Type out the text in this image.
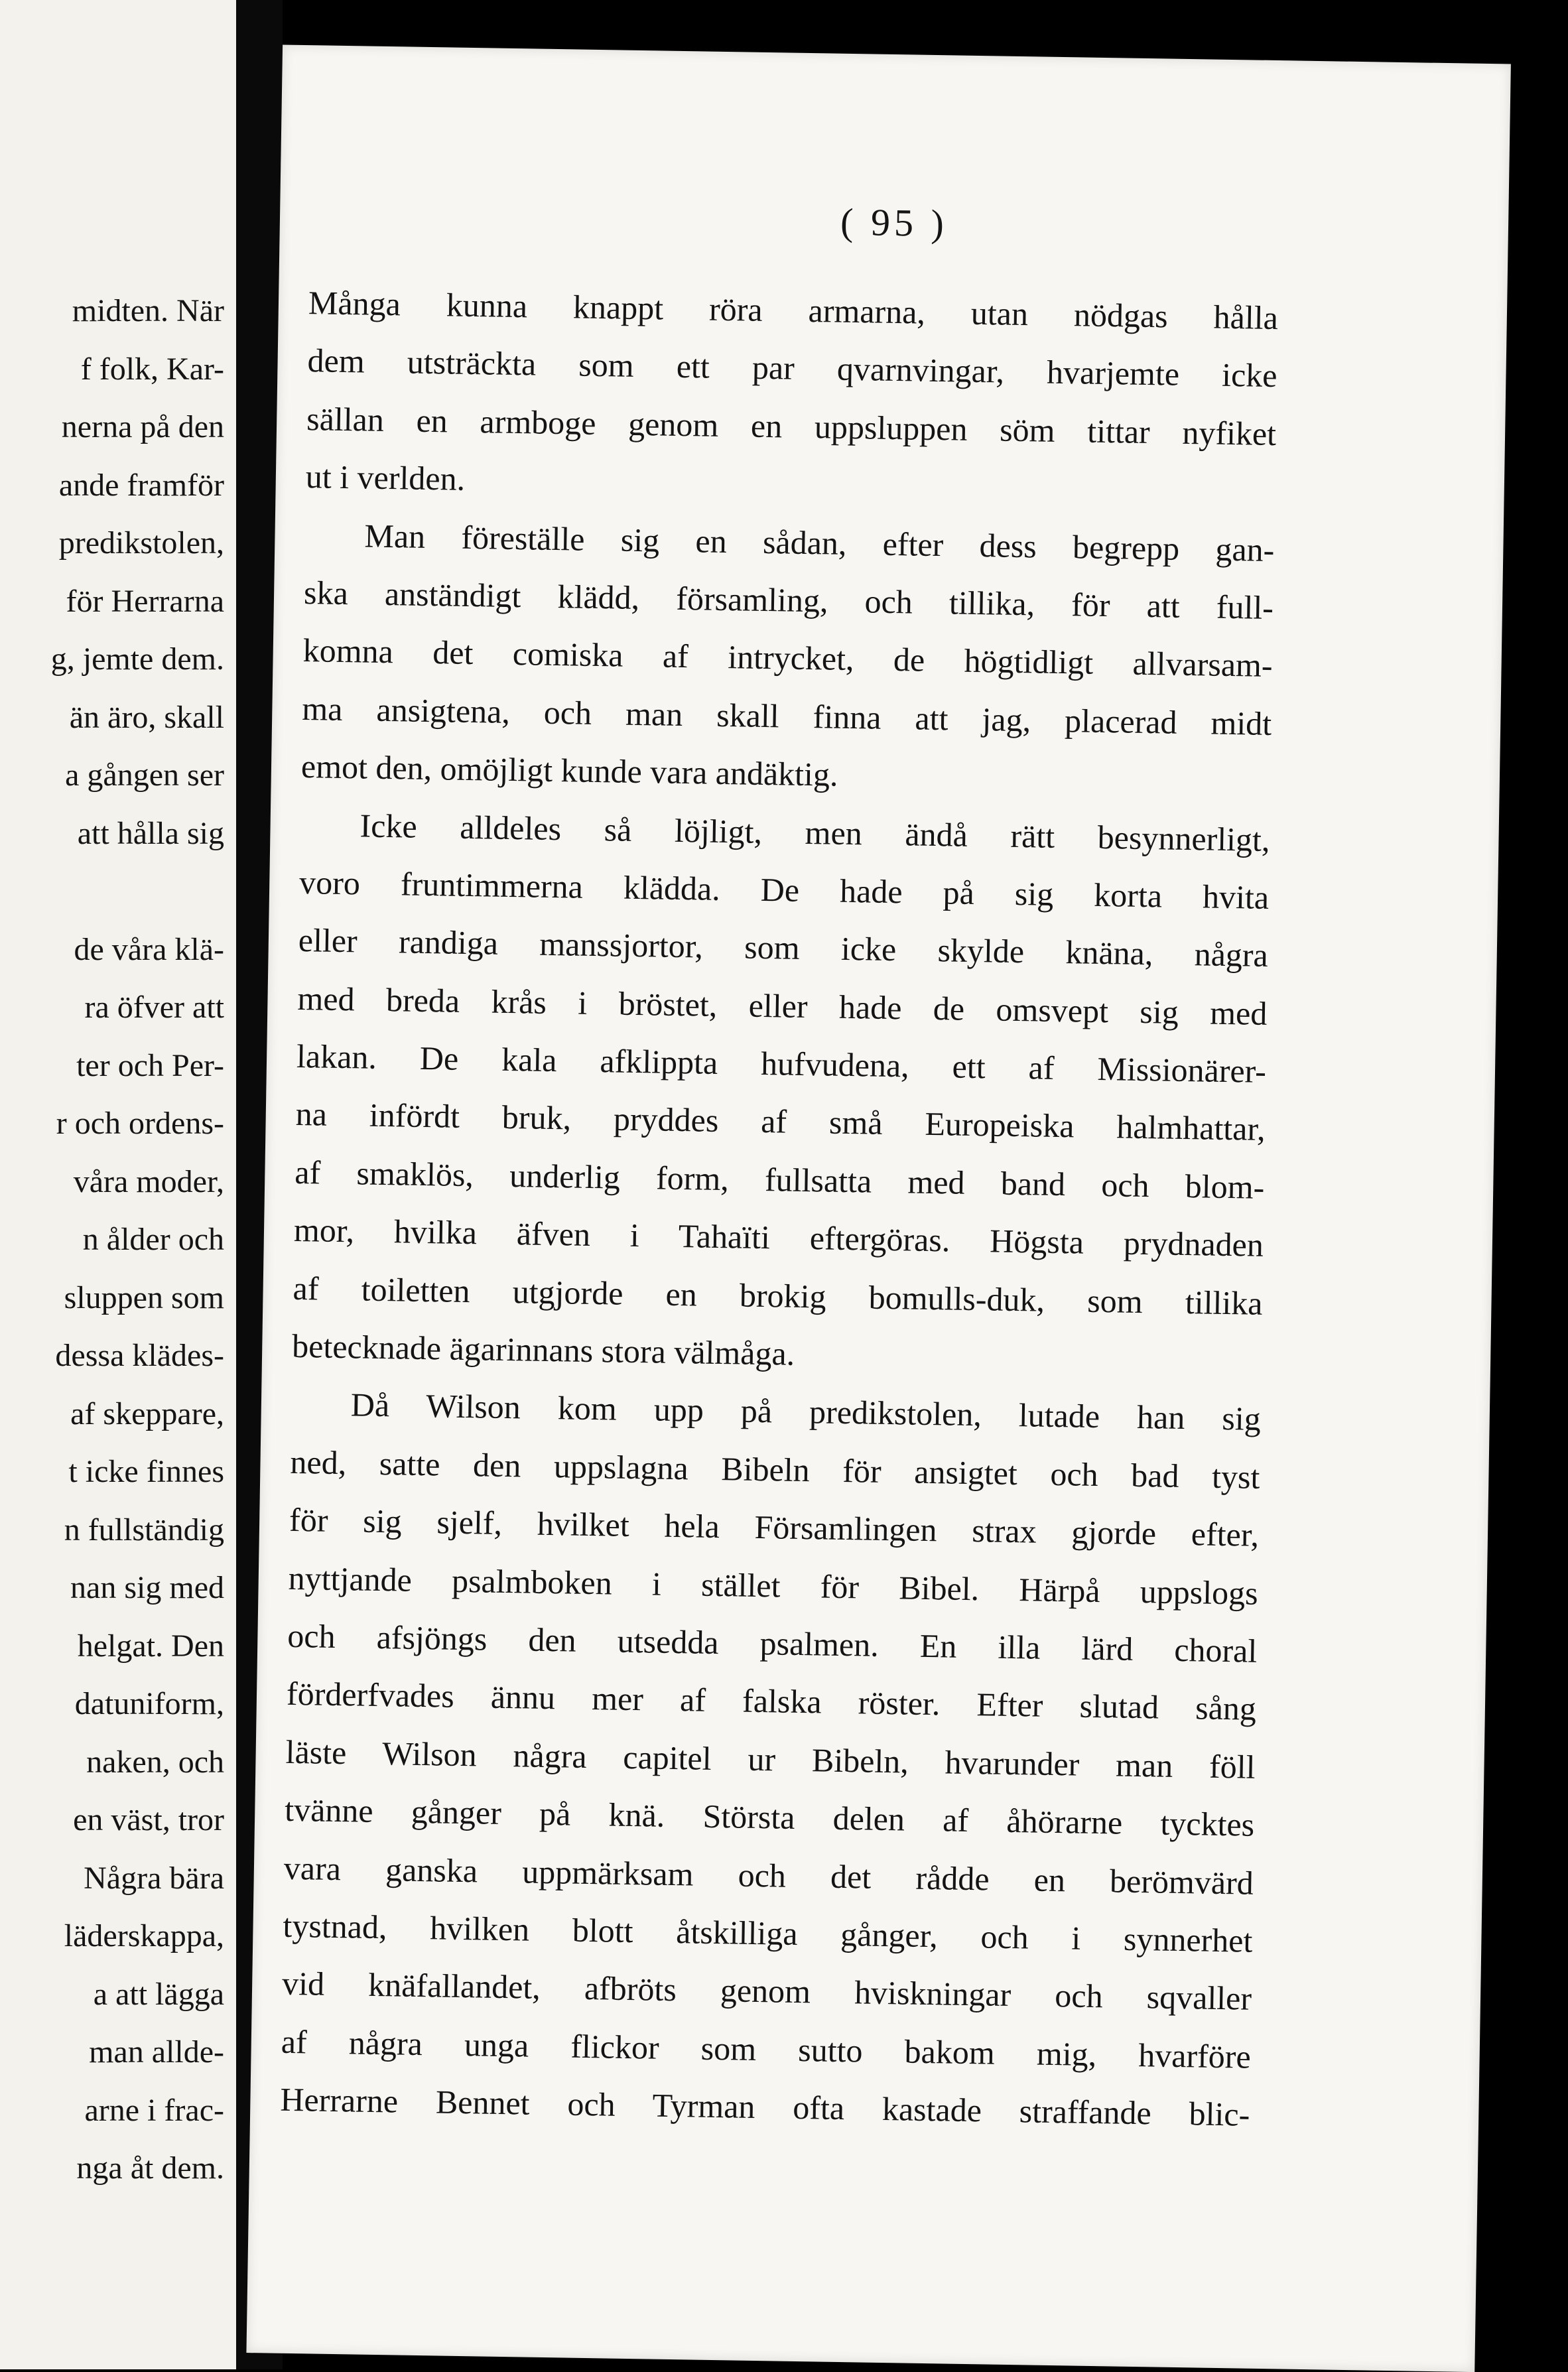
midten. När
f folk, Kar-
nerna på den
ande framför
predikstolen,
för Herrarna
g, jemte dem.
än äro, skall
a gången ser
att hålla sig
de våra klä-
ra öfver att
ter och Per-
r och ordens-
våra moder,
n ålder och
sluppen som
dessa klädes-
af skeppare,
t icke finnes
n fullständig
nan sig med
helgat. Den
datuniform,
naken, och
en väst, tror
Några bära
läderskappa,
a att lägga
man allde-
arne i frac-
nga åt dem.
( 95 )
Många kunna knappt röra armarna, utan nödgas hålla
dem utsträckta som ett par qvarnvingar, hvarjemte icke
sällan en armboge genom en uppsluppen söm tittar nyfiket
ut i verlden.
Man föreställe sig en sådan, efter dess begrepp gan-
ska anständigt klädd, församling, och tillika, för att full-
komna det comiska af intrycket, de högtidligt allvarsam-
ma ansigtena, och man skall finna att jag, placerad midt
emot den, omöjligt kunde vara andäktig.
Icke alldeles så löjligt, men ändå rätt besynnerligt,
voro fruntimmerna klädda. De hade på sig korta hvita
eller randiga manssjortor, som icke skylde knäna, några
med breda krås i bröstet, eller hade de omsvept sig med
lakan. De kala afklippta hufvudena, ett af Missionärer-
na infördt bruk, pryddes af små Europeiska halmhattar,
af smaklös, underlig form, fullsatta med band och blom-
mor, hvilka äfven i Tahaïti eftergöras. Högsta prydnaden
af toiletten utgjorde en brokig bomulls-duk, som tillika
betecknade ägarinnans stora välmåga.
Då Wilson kom upp på predikstolen, lutade han sig
ned, satte den uppslagna Bibeln för ansigtet och bad tyst
för sig sjelf, hvilket hela Församlingen strax gjorde efter,
nyttjande psalmboken i stället för Bibel. Härpå uppslogs
och afsjöngs den utsedda psalmen. En illa lärd choral
förderfvades ännu mer af falska röster. Efter slutad sång
läste Wilson några capitel ur Bibeln, hvarunder man föll
tvänne gånger på knä. Största delen af åhörarne tycktes
vara ganska uppmärksam och det rådde en berömvärd
tystnad, hvilken blott åtskilliga gånger, och i synnerhet
vid knäfallandet, afbröts genom hviskningar och sqvaller
af några unga flickor som sutto bakom mig, hvarföre
Herrarne Bennet och Tyrman ofta kastade straffande blic-
